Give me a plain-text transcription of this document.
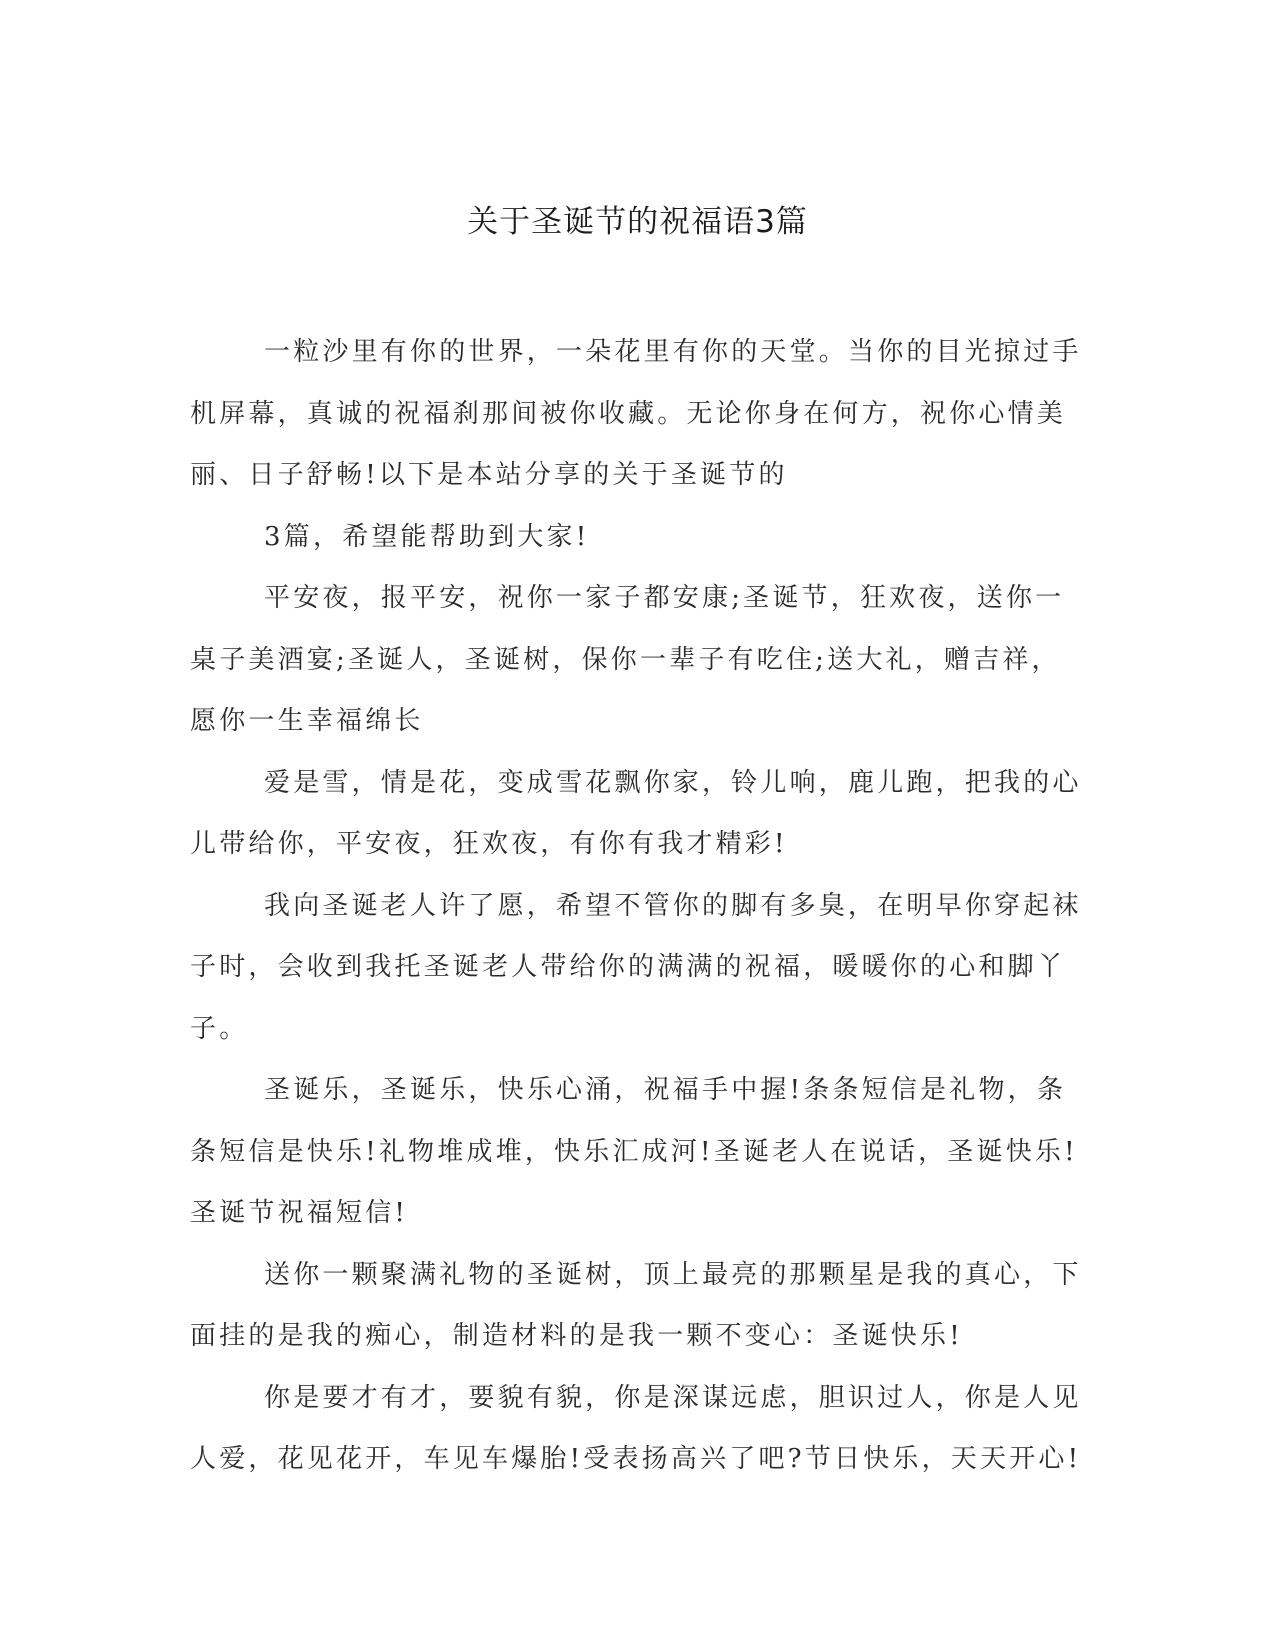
关于圣诞节的祝福语3篇

一粒沙里有你的世界，一朵花里有你的天堂。当你的目光掠过手机屏幕，真诚的祝福刹那间被你收藏。无论你身在何方，祝你心情美丽、日子舒畅!以下是本站分享的关于圣诞节的

3篇，希望能帮助到大家!

平安夜，报平安，祝你一家子都安康;圣诞节，狂欢夜，送你一桌子美酒宴;圣诞人，圣诞树，保你一辈子有吃住;送大礼，赠吉祥，愿你一生幸福绵长

爱是雪，情是花，变成雪花飘你家，铃儿响，鹿儿跑，把我的心儿带给你，平安夜，狂欢夜，有你有我才精彩!

我向圣诞老人许了愿，希望不管你的脚有多臭，在明早你穿起袜子时，会收到我托圣诞老人带给你的满满的祝福，暖暖你的心和脚丫子。

圣诞乐，圣诞乐，快乐心涌，祝福手中握!条条短信是礼物，条条短信是快乐!礼物堆成堆，快乐汇成河!圣诞老人在说话，圣诞快乐!圣诞节祝福短信!

送你一颗聚满礼物的圣诞树，顶上最亮的那颗星是我的真心，下面挂的是我的痴心，制造材料的是我一颗不变心：圣诞快乐!

你是要才有才，要貌有貌，你是深谋远虑，胆识过人，你是人见人爱，花见花开，车见车爆胎!受表扬高兴了吧?节日快乐，天天开心!
